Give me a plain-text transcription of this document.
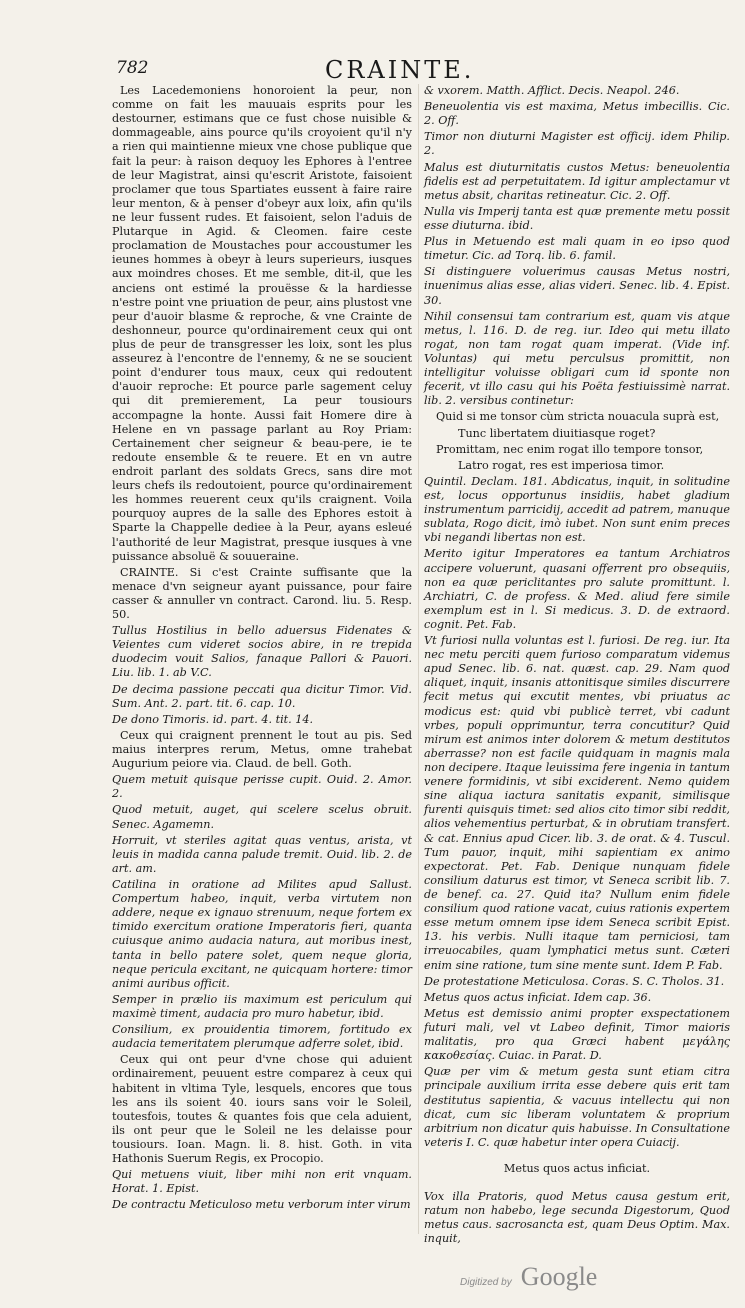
782	CRAINTE.

Les Lacedemoniens honoroient la peur, non comme on fait les mauuais esprits pour les destourner, estimans que ce fust chose nuisible & dommageable, ains pource qu'ils croyoient qu'il n'y a rien qui maintienne mieux vne chose publique que fait la peur: à raison dequoy les Ephores à l'entree de leur Magistrat, ainsi qu'escrit Aristote, faisoient proclamer que tous Spartiates eussent à faire raire leur menton, & à penser d'obeyr aux loix, afin qu'ils ne leur fussent rudes. Et faisoient, selon l'aduis de Plutarque in Agid. & Cleomen. faire ceste proclamation de Moustaches pour accoustumer les ieunes hommes à obeyr à leurs superieurs, iusques aux moindres choses. Et me semble, dit-il, que les anciens ont estimé la prouësse & la hardiesse n'estre point vne priuation de peur, ains plustost vne peur d'auoir blasme & reproche, & vne Crainte de deshonneur, pource qu'ordinairement ceux qui ont plus de peur de transgresser les loix, sont les plus asseurez à l'encontre de l'ennemy, & ne se soucient point d'endurer tous maux, ceux qui redoutent d'auoir reproche: Et pource parle sagement celuy qui dit premierement, La peur tousiours accompagne la honte. Aussi fait Homere dire à Helene en vn passage parlant au Roy Priam: Certainement cher seigneur & beau-pere, ie te redoute ensemble & te reuere. Et en vn autre endroit parlant des soldats Grecs, sans dire mot leurs chefs ils redoutoient, pource qu'ordinairement les hommes reuerent ceux qu'ils craignent. Voila pourquoy aupres de la salle des Ephores estoit à Sparte la Chappelle dediee à la Peur, ayans esleué l'authorité de leur Magistrat, presque iusques à vne puissance absoluë & souueraine.

CRAINTE. Si c'est Crainte suffisante que la menace d'vn seigneur ayant puissance, pour faire casser & annuller vn contract. Carond. liu. 5. Resp. 50.

Tullus Hostilius in bello aduersus Fidenates & Veientes cum videret socios abire, in re trepida duodecim vouit Salios, fanaque Pallori & Pauori. Liu. lib. 1. ab V.C.

De decima passione peccati qua dicitur Timor. Vid. Sum. Ant. 2. part. tit. 6. cap. 10.

De dono Timoris. id. part. 4. tit. 14.

Ceux qui craignent prennent le tout au pis. Sed maius interpres rerum, Metus, omne trahebat Augurium peiore via. Claud. de bell. Goth.

Quem metuit quisque perisse cupit. Ouid. 2. Amor. 2.

Quod metuit, auget, qui scelere scelus obruit. Senec. Agamemn.

Horruit, vt steriles agitat quas ventus, arista, vt leuis in madida canna palude tremit. Ouid. lib. 2. de art. am.

Catilina in oratione ad Milites apud Sallust. Compertum habeo, inquit, verba virtutem non addere, neque ex ignauo strenuum, neque fortem ex timido exercitum oratione Imperatoris fieri, quanta cuiusque animo audacia natura, aut moribus inest, tanta in bello patere solet, quem neque gloria, neque pericula excitant, ne quicquam hortere: timor animi auribus officit.

Semper in prælio iis maximum est periculum qui maximè timent, audacia pro muro habetur, ibid.

Consilium, ex prouidentia timorem, fortitudo ex audacia temeritatem plerumque adferre solet, ibid.

Ceux qui ont peur d'vne chose qui aduient ordinairement, peuuent estre comparez à ceux qui habitent in vltima Tyle, lesquels, encores que tous les ans ils soient 40. iours sans voir le Soleil, toutesfois, toutes & quantes fois que cela aduient, ils ont peur que le Soleil ne les delaisse pour tousiours. Ioan. Magn. li. 8. hist. Goth. in vita Hathonis Suerum Regis, ex Procopio.

Qui metuens viuit, liber mihi non erit vnquam. Horat. 1. Epist.

De contractu Meticuloso metu verborum inter virum

& vxorem. Matth. Afflict. Decis. Neapol. 246.

Beneuolentia vis est maxima, Metus imbecillis. Cic. 2. Off.

Timor non diuturni Magister est officij. idem Philip. 2.

Malus est diuturnitatis custos Metus: beneuolentia fidelis est ad perpetuitatem. Id igitur amplectamur vt metus absit, charitas retineatur. Cic. 2. Off.

Nulla vis Imperij tanta est quæ premente metu possit esse diuturna. ibid.

Plus in Metuendo est mali quam in eo ipso quod timetur. Cic. ad Torq. lib. 6. famil.

Si distinguere voluerimus causas Metus nostri, inuenimus alias esse, alias videri. Senec. lib. 4. Epist. 30.

Nihil consensui tam contrarium est, quam vis atque metus, l. 116. D. de reg. iur. Ideo qui metu illato rogat, non tam rogat quam imperat. (Vide inf. Voluntas) qui metu perculsus promittit, non intelligitur voluisse obligari cum id sponte non fecerit, vt illo casu qui his Poëta festiuissimè narrat. lib. 2. versibus continetur:

Quid si me tonsor cùm stricta nouacula suprà est,

Tunc libertatem diuitiasque roget?

Promittam, nec enim rogat illo tempore tonsor,

Latro rogat, res est imperiosa timor.

Quintil. Declam. 181. Abdicatus, inquit, in solitudine est, locus opportunus insidiis, habet gladium instrumentum parricidij, accedit ad patrem, manuque sublata, Rogo dicit, imò iubet. Non sunt enim preces vbi negandi libertas non est.

Merito igitur Imperatores ea tantum Archiatros accipere voluerunt, quasani offerrent pro obsequiis, non ea quæ periclitantes pro salute promittunt. l. Archiatri, C. de profess. & Med. aliud fere simile exemplum est in l. Si medicus. 3. D. de extraord. cognit. Pet. Fab.

Vt furiosi nulla voluntas est l. furiosi. De reg. iur. Ita nec metu perciti quem furioso comparatum videmus apud Senec. lib. 6. nat. quæst. cap. 29. Nam quod aliquet, inquit, insanis attonitisque similes discurrere fecit metus qui excutit mentes, vbi priuatus ac modicus est: quid vbi publicè terret, vbi cadunt vrbes, populi opprimuntur, terra concutitur? Quid mirum est animos inter dolorem & metum destitutos aberrasse? non est facile quidquam in magnis mala non decipere. Itaque leuissima fere ingenia in tantum venere formidinis, vt sibi exciderent. Nemo quidem sine aliqua iactura sanitatis expanit, similisque furenti quisquis timet: sed alios cito timor sibi reddit, alios vehementius perturbat, & in obrutiam transfert. & cat. Ennius apud Cicer. lib. 3. de orat. & 4. Tuscul. Tum pauor, inquit, mihi sapientiam ex animo expectorat. Pet. Fab. Denique nunquam fidele consilium daturus est timor, vt Seneca scribit lib. 7. de benef. ca. 27. Quid ita? Nullum enim fidele consilium quod ratione vacat, cuius rationis expertem esse metum omnem ipse idem Seneca scribit Epist. 13. his verbis. Nulli itaque tam perniciosi, tam irreuocabiles, quam lymphatici metus sunt. Cæteri enim sine ratione, tum sine mente sunt. Idem P. Fab.

De protestatione Meticulosa. Coras. S. C. Tholos. 31.

Metus quos actus inficiat. Idem cap. 36.

Metus est demissio animi propter exspectationem futuri mali, vel vt Labeo definit, Timor maioris malitatis, pro qua Græci habent μεγάλης κακοθεσίας. Cuiac. in Parat. D.

Quæ per vim & metum gesta sunt etiam citra principale auxilium irrita esse debere quis erit tam destitutus sapientia, & vacuus intellectu qui non dicat, cum sic liberam voluntatem & proprium arbitrium non dicatur quis habuisse. In Consultatione veteris I. C. quæ habetur inter opera Cuiacij.

Metus quos actus inficiat.

Vox illa Pratoris, quod Metus causa gestum erit, ratum non habebo, lege secunda Digestorum, Quod metus caus. sacrosancta est, quam Deus Optim. Max. inquit,

Digitized by Google
